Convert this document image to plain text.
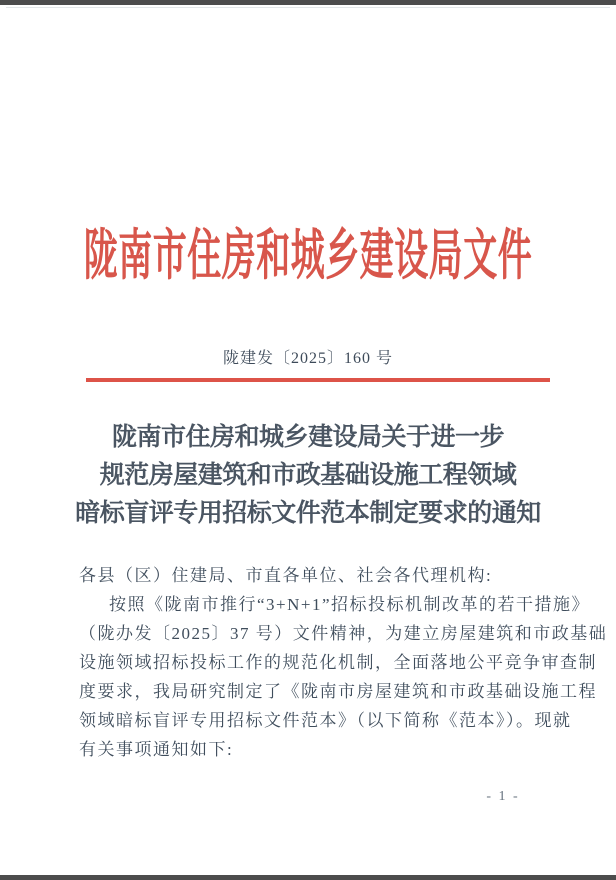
陇南市住房和城乡建设局文件
陇建发〔2025〕160 号
陇南市住房和城乡建设局关于进一步
规范房屋建筑和市政基础设施工程领域
暗标盲评专用招标文件范本制定要求的通知
各县（区）住建局、市直各单位、社会各代理机构:
按照《陇南市推行“3+N+1”招标投标机制改革的若干措施》
（陇办发〔2025〕37 号）文件精神，为建立房屋建筑和市政基础
设施领域招标投标工作的规范化机制，全面落地公平竞争审查制
度要求，我局研究制定了《陇南市房屋建筑和市政基础设施工程
领域暗标盲评专用招标文件范本》（以下简称《范本》）。现就
有关事项通知如下:
- 1 -
